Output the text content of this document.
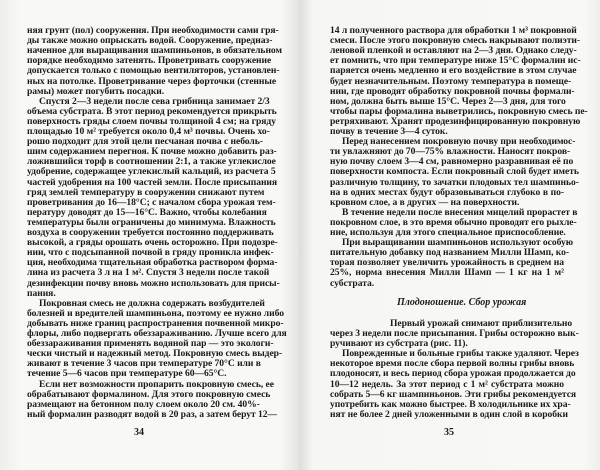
34
няя грунт (пол) сооружения. При необходимости сами гря-
ды также можно опрыскать водой. Сооружение, предназ-
наченное для выращивания шампиньонов, в обязательном
порядке необходимо затенять. Проветривать сооружение
допускается только с помощью вентиляторов, установлен-
ных на потолке. Проветривание через форточки (стенные
рамы) может погубить посадки.
Спустя 2—3 недели после сева грибница занимает 2/3
объема субстрата. В этот период рекомендуется прикрыть
поверхность гряды слоем почвы толщиной 4 см; на гряду
площадью 10 м² требуется около 0,4 м³ почвы. Очень хо-
рошо подходит для этой цели песчаная почва с неболь-
шим содержанием перегноя. К почве можно добавить раз-
ложившийся торф в соотношении 2:1, а также углекислое
удобрение, содержащее углекислый кальций, из расчета 5
частей удобрения на 100 частей земли. После присыпания
гряд землей температуру в сооружении снижают путем
проветривания до 16—18°С; с началом сбора урожая тем-
пературу доводят до 15—16°С. Важно, чтобы колебания
температуры были ограничены до минимума. Влажность
воздуха в сооружении требуется постоянно поддерживать
высокой, а гряды орошать очень осторожно. При подозре-
нии, что с подсыпанной почвой в гряду проникла инфек-
ция, необходима тщательная обработка раствором форма-
лина из расчета 3 л на 1 м². Спустя 3 недели после такой
дезинфекции почву вновь можно использовать для присы-
пания.
Покровная смесь не должна содержать возбудителей
болезней и вредителей шампиньона, поэтому ее нужно либо
добывать ниже границ распространения почвенной микро-
флоры, либо подвергать обеззараживанию. Лучше всего для
обеззараживания применять водяной пар — это экологи-
чески чистый и надежный метод. Покровную смесь выдер-
живают в течение 3 часов при температуре 70°С или в
течение 5—6 часов при температуре 60—65°С.
Если нет возможности пропарить покровную смесь, ее
обрабатывают формалином. Для этого покровную смесь
размещают на бетонном полу слоем около 20 см. 40%-
ный формалин разводят водой в 20 раз, а затем берут 12—
Плодоношение. Сбор урожая
35
14 л полученного раствора для обработки 1 м³ покровной
смеси. После этого покровную смесь накрывают полиэти-
леновой пленкой и оставляют на 2—3 дня. Однако следу-
ет помнить, что при температуре ниже 15°С формалин ис-
паряется очень медленно и его воздействие в этом случае
будет незначительным. Поэтому температура в помеще-
нии, где проводят обработку покровной почвы формали-
ном, должна быть выше 15°С. Через 2—3 дня, для того
чтобы пары формалина выветрились, покровную смесь пе-
ретряхивают. Хранят продезинфицированную покровную
почву в течение 3—4 суток.
Перед нанесением покровную почву при необходимос-
ти увлажняют до 70—75% влажности. Наносят покров-
ную почву слоем 3—4 см, равномерно разравнивая её по
поверхности компоста. Если покровный слой будет иметь
различную толщину, то зачатки плодовых тел шампиньо-
на в одних местах будут образовываться глубоко в по-
кровном слое, а в других — на поверхности.
В течение недели после внесения мицелий прорастет в
покровном слое, в это время обычно проводят его рыхле-
ние, используя для этого специальное приспособление.
При выращивании шампиньонов используют особую
питательную добавку под названием Милли Шамп, ко-
торая позволяет увеличить урожайность в среднем на
25%, норма внесения Милли Шамп — 1 кг на 1 м²
субстрата.
Первый урожай снимают приблизительно
через 3 недели после присыпания. Грибы осторожно вык-
ручивают из субстрата (рис. 11).
Поврежденные и больные грибы также удаляют. Через
некоторое время после сбора первой волны грибы вновь
плодоносят, и весь период сбора урожая продолжается до
10—12 недель. За этот период с 1 м² субстрата можно
собрать 5—6 кг шампиньонов. Эти грибы рекомендуется
употребить как можно быстрее. В холодильнике их хра-
нят не более 2 дней уложенными в один слой в коробки
